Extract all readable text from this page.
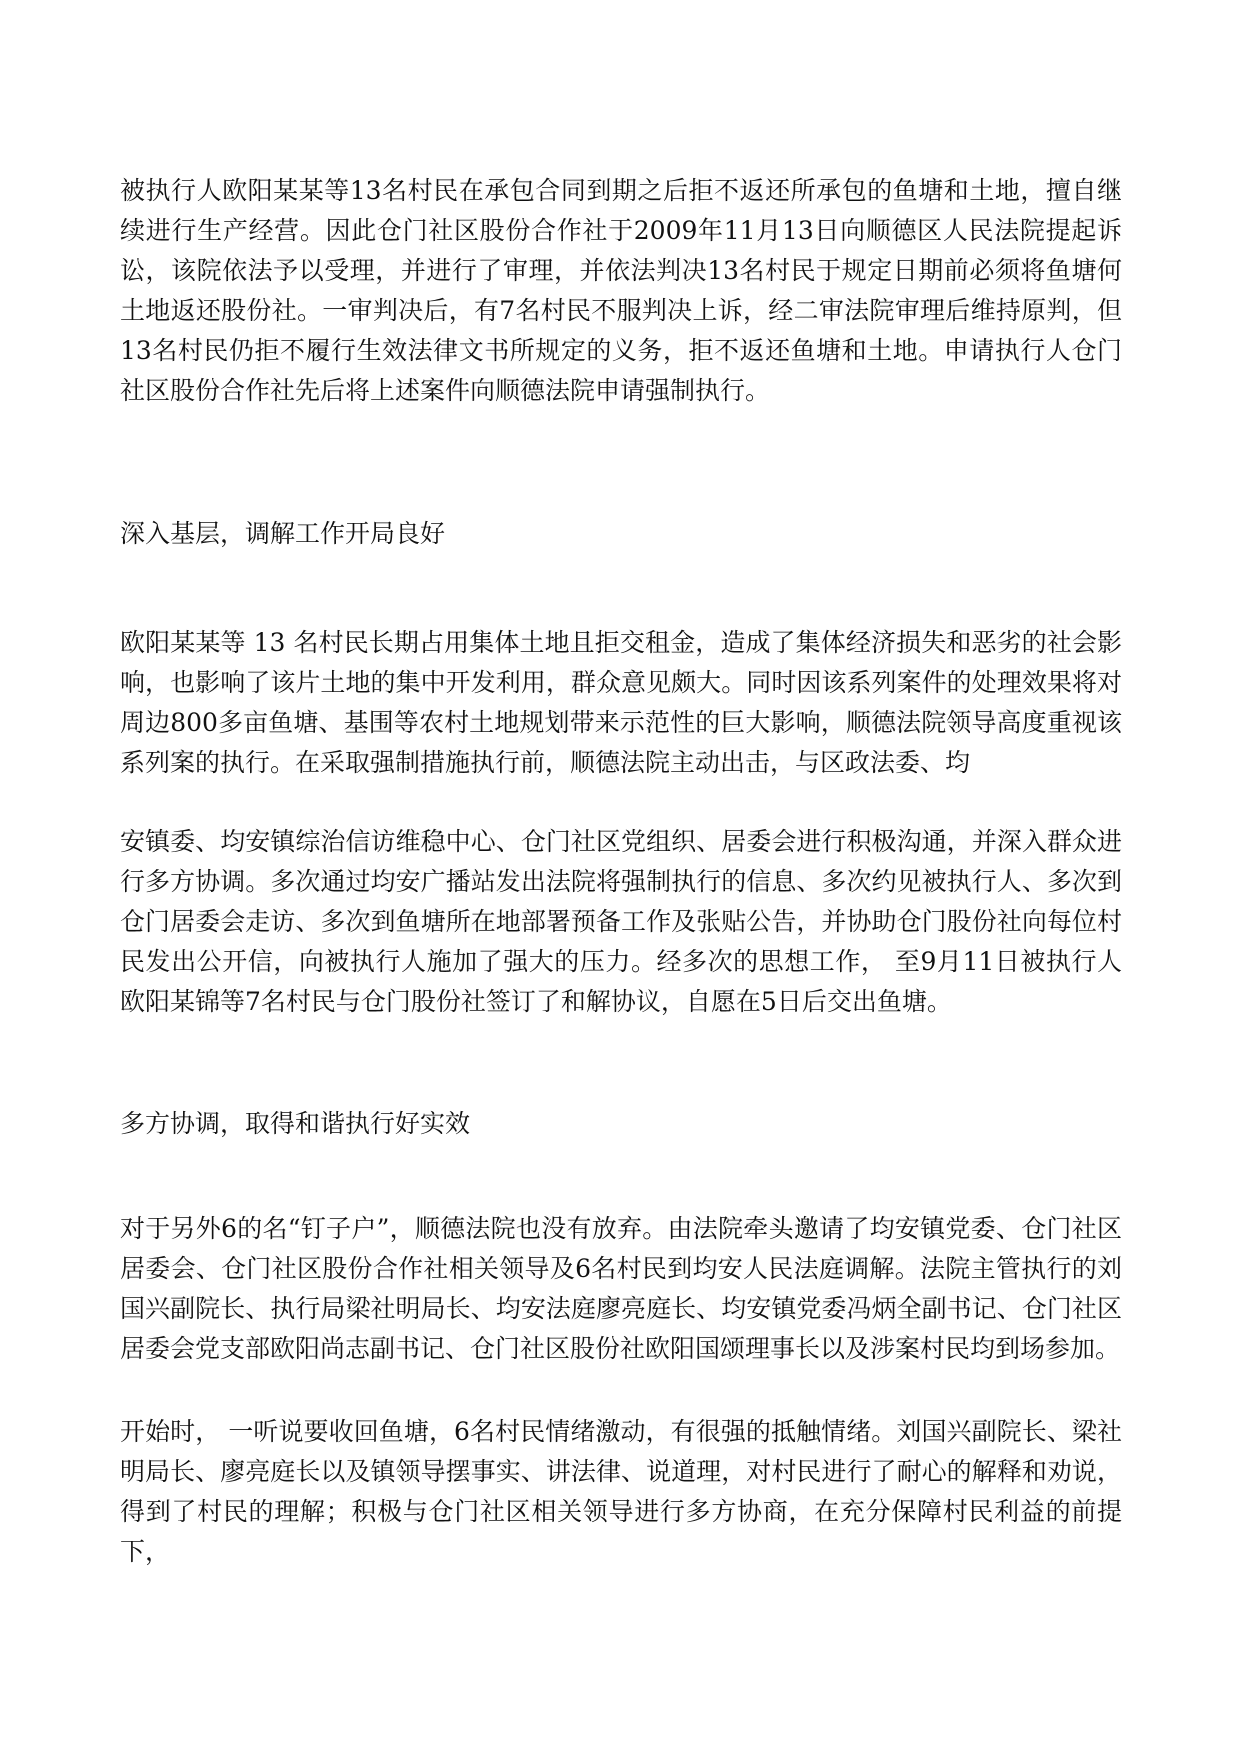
被执行人欧阳某某等13名村民在承包合同到期之后拒不返还所承包的鱼塘和土地，擅自继续进行生产经营。因此仓门社区股份合作社于2009年11月13日向顺德区人民法院提起诉讼，该院依法予以受理，并进行了审理，并依法判决13名村民于规定日期前必须将鱼塘何土地返还股份社。一审判决后，有7名村民不服判决上诉，经二审法院审理后维持原判，但13名村民仍拒不履行生效法律文书所规定的义务，拒不返还鱼塘和土地。申请执行人仓门社区股份合作社先后将上述案件向顺德法院申请强制执行。

深入基层，调解工作开局良好

欧阳某某等 13 名村民长期占用集体土地且拒交租金，造成了集体经济损失和恶劣的社会影响，也影响了该片土地的集中开发利用，群众意见颇大。同时因该系列案件的处理效果将对周边800多亩鱼塘、基围等农村土地规划带来示范性的巨大影响，顺德法院领导高度重视该系列案的执行。在采取强制措施执行前，顺德法院主动出击，与区政法委、均

安镇委、均安镇综治信访维稳中心、仓门社区党组织、居委会进行积极沟通，并深入群众进行多方协调。多次通过均安广播站发出法院将强制执行的信息、多次约见被执行人、多次到仓门居委会走访、多次到鱼塘所在地部署预备工作及张贴公告，并协助仓门股份社向每位村民发出公开信，向被执行人施加了强大的压力。经多次的思想工作， 至9月11日被执行人欧阳某锦等7名村民与仓门股份社签订了和解协议，自愿在5日后交出鱼塘。

多方协调，取得和谐执行好实效

对于另外6的名“钉子户”，顺德法院也没有放弃。由法院牵头邀请了均安镇党委、仓门社区居委会、仓门社区股份合作社相关领导及6名村民到均安人民法庭调解。法院主管执行的刘国兴副院长、执行局梁社明局长、均安法庭廖亮庭长、均安镇党委冯炳全副书记、仓门社区居委会党支部欧阳尚志副书记、仓门社区股份社欧阳国颂理事长以及涉案村民均到场参加。

开始时， 一听说要收回鱼塘，6名村民情绪激动，有很强的抵触情绪。刘国兴副院长、梁社明局长、廖亮庭长以及镇领导摆事实、讲法律、说道理，对村民进行了耐心的解释和劝说，得到了村民的理解；积极与仓门社区相关领导进行多方协商，在充分保障村民利益的前提下，
